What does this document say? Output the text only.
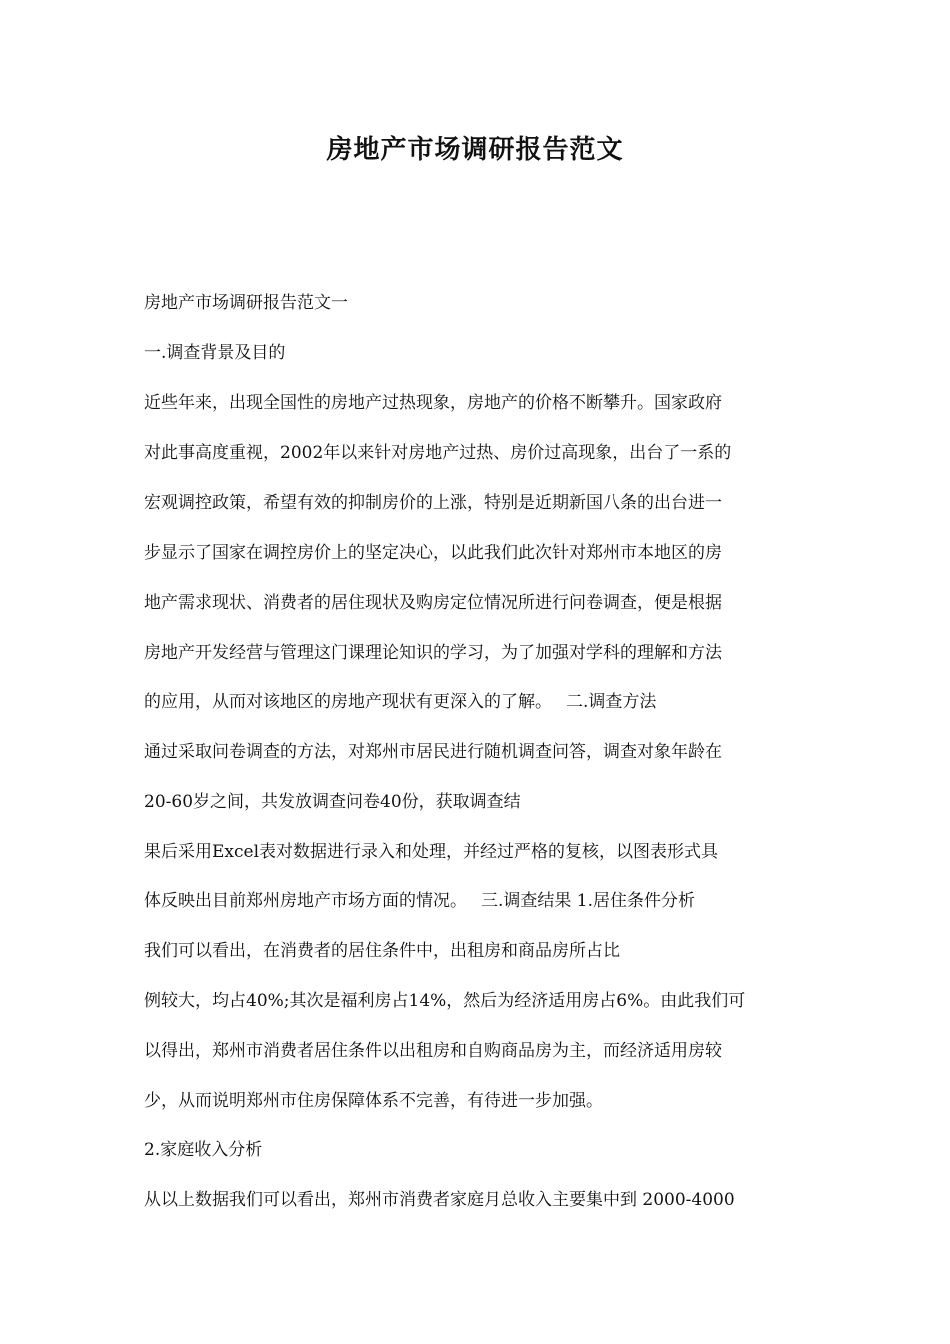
房地产市场调研报告范文
房地产市场调研报告范文一
一.调查背景及目的
近些年来，出现全国性的房地产过热现象，房地产的价格不断攀升。国家政府
对此事高度重视，2002年以来针对房地产过热、房价过高现象，出台了一系的
宏观调控政策，希望有效的抑制房价的上涨，特别是近期新国八条的出台进一
步显示了国家在调控房价上的坚定决心，以此我们此次针对郑州市本地区的房
地产需求现状、消费者的居住现状及购房定位情况所进行问卷调查，便是根据
房地产开发经营与管理这门课理论知识的学习，为了加强对学科的理解和方法
的应用，从而对该地区的房地产现状有更深入的了解。 二.调查方法
通过采取问卷调查的方法，对郑州市居民进行随机调查问答，调查对象年龄在
20-60岁之间，共发放调查问卷40份，获取调查结
果后采用Excel表对数据进行录入和处理，并经过严格的复核，以图表形式具
体反映出目前郑州房地产市场方面的情况。 三.调查结果 1.居住条件分析
我们可以看出，在消费者的居住条件中，出租房和商品房所占比
例较大，均占40%;其次是福利房占14%，然后为经济适用房占6%。由此我们可
以得出，郑州市消费者居住条件以出租房和自购商品房为主，而经济适用房较
少，从而说明郑州市住房保障体系不完善，有待进一步加强。
2.家庭收入分析
从以上数据我们可以看出，郑州市消费者家庭月总收入主要集中到 2000-4000
